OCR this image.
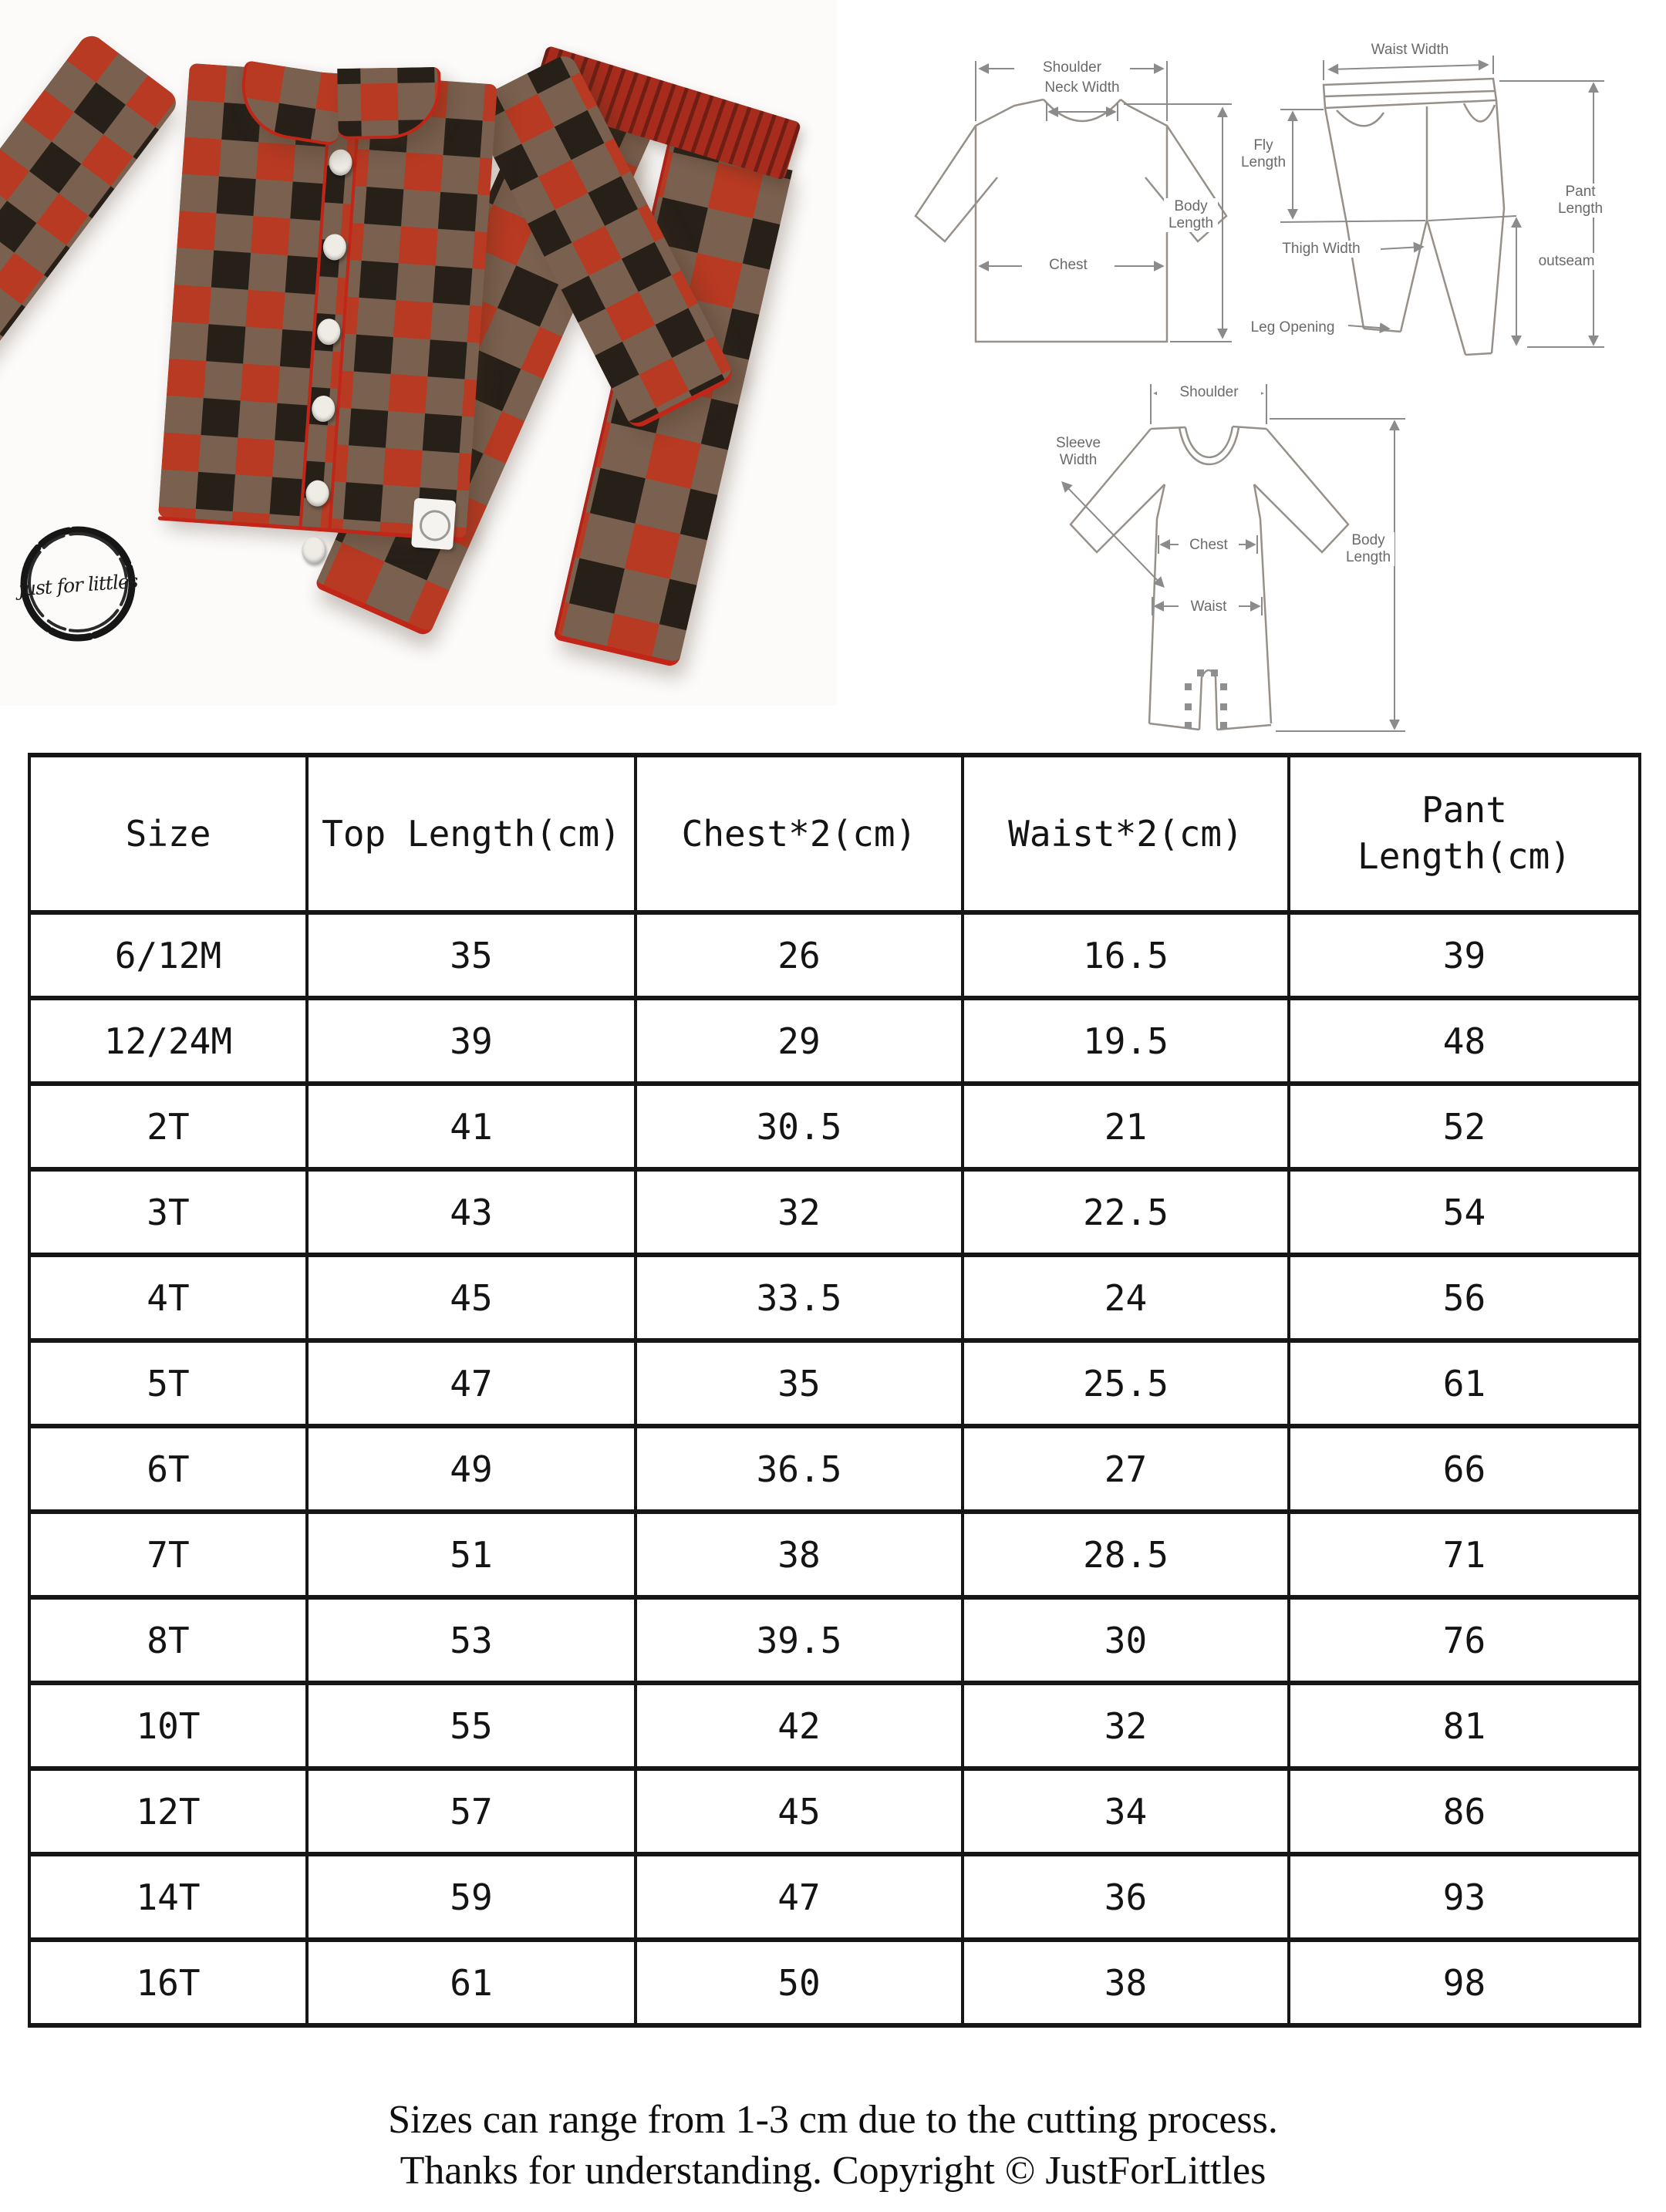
just for littles
Shoulder
Neck Width
Chest
Body Length
Fly Length
Waist Width
Pant Length
Thigh Width
outseam
Leg Opening
Shoulder
Sleeve Width
Body Length
Chest
Waist
Size	Top Length(cm)	Chest*2(cm)	Waist*2(cm)	Pant Length(cm)
6/12M	35	26	16.5	39
12/24M	39	29	19.5	48
2T	41	30.5	21	52
3T	43	32	22.5	54
4T	45	33.5	24	56
5T	47	35	25.5	61
6T	49	36.5	27	66
7T	51	38	28.5	71
8T	53	39.5	30	76
10T	55	42	32	81
12T	57	45	34	86
14T	59	47	36	93
16T	61	50	38	98
Sizes can range from 1-3 cm due to the cutting process.
Thanks for understanding. Copyright © JustForLittles
